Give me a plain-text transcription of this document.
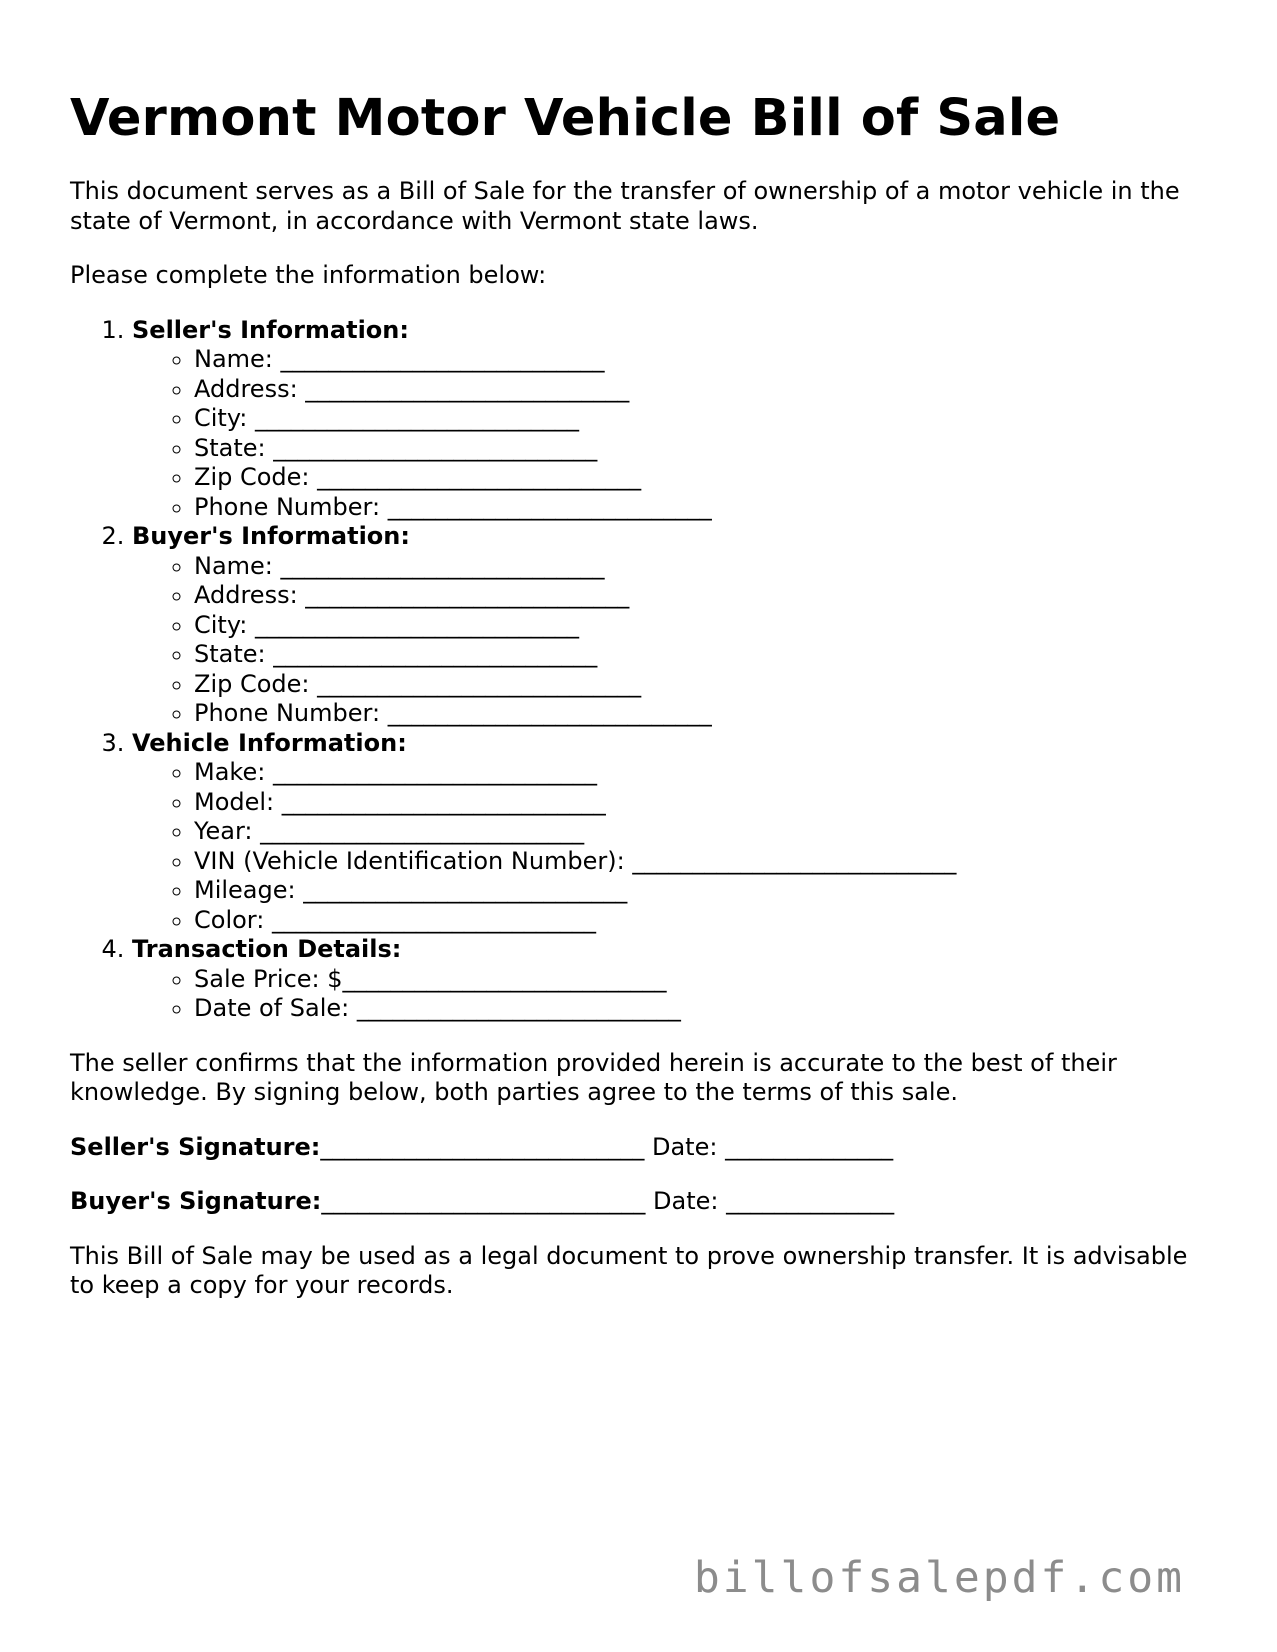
Vermont Motor Vehicle Bill of Sale

This document serves as a Bill of Sale for the transfer of ownership of a motor vehicle in the state of Vermont, in accordance with Vermont state laws.

Please complete the information below:

1. Seller's Information:
◦ Name: ___________________________
◦ Address: ___________________________
◦ City: ___________________________
◦ State: ___________________________
◦ Zip Code: ___________________________
◦ Phone Number: ___________________________
2. Buyer's Information:
◦ Name: ___________________________
◦ Address: ___________________________
◦ City: ___________________________
◦ State: ___________________________
◦ Zip Code: ___________________________
◦ Phone Number: ___________________________
3. Vehicle Information:
◦ Make: ___________________________
◦ Model: ___________________________
◦ Year: ___________________________
◦ VIN (Vehicle Identification Number): ___________________________
◦ Mileage: ___________________________
◦ Color: ___________________________
4. Transaction Details:
◦ Sale Price: $___________________________
◦ Date of Sale: ___________________________

The seller confirms that the information provided herein is accurate to the best of their knowledge. By signing below, both parties agree to the terms of this sale.

Seller's Signature:___________________________ Date: ______________
Buyer's Signature:___________________________ Date: ______________

This Bill of Sale may be used as a legal document to prove ownership transfer. It is advisable to keep a copy for your records.

billofsalepdf.com
